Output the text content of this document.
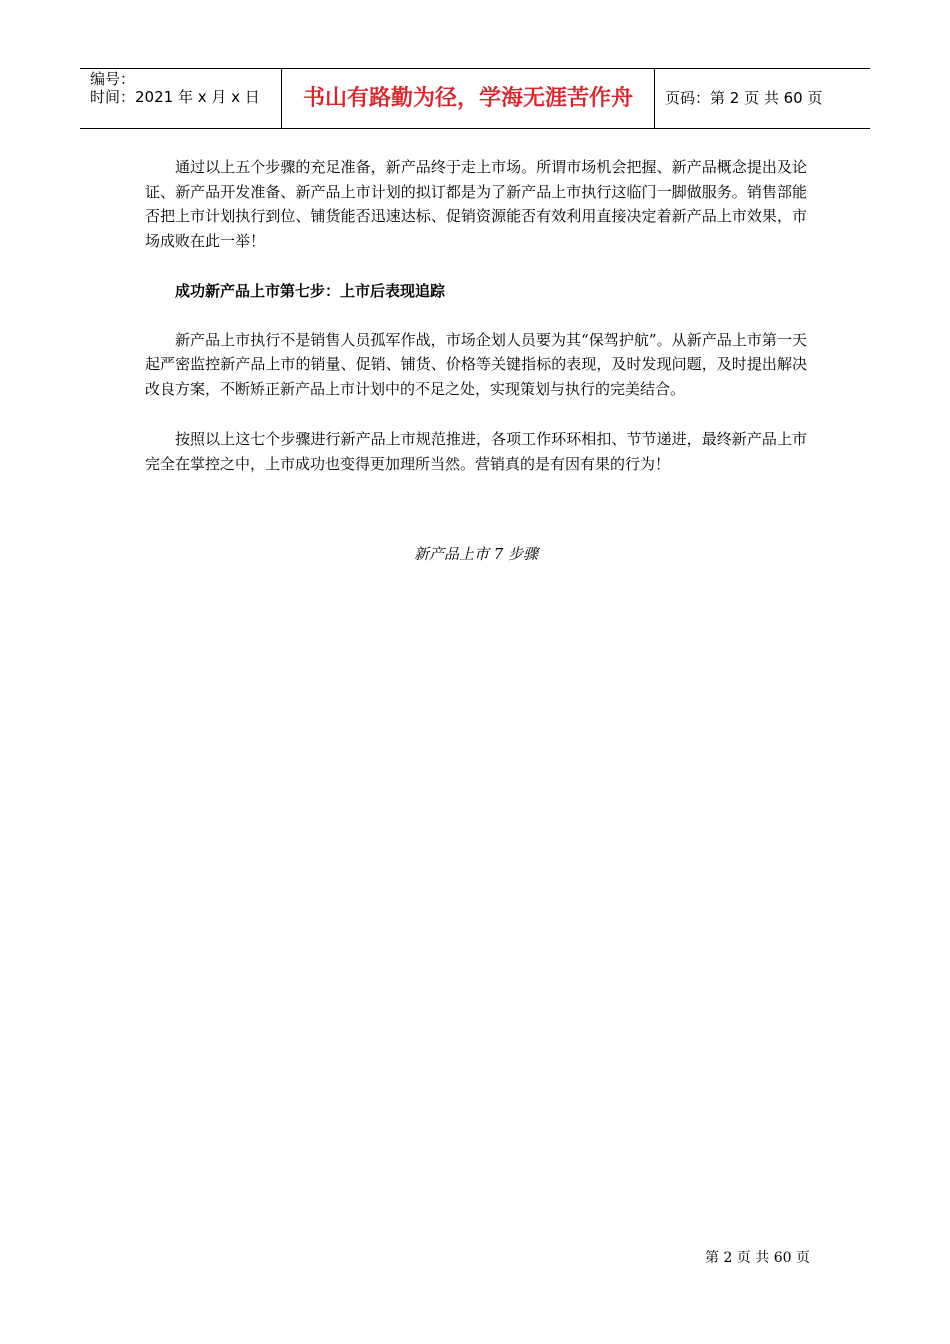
编号：
时间：2021 年 x 月 x 日	书山有路勤为径，学海无涯苦作舟	页码：第 2 页 共 60 页

通过以上五个步骤的充足准备，新产品终于走上市场。所谓市场机会把握、新产品概念提出及论证、新产品开发准备、新产品上市计划的拟订都是为了新产品上市执行这临门一脚做服务。销售部能否把上市计划执行到位、铺货能否迅速达标、促销资源能否有效利用直接决定着新产品上市效果，市场成败在此一举！

成功新产品上市第七步：上市后表现追踪

新产品上市执行不是销售人员孤军作战，市场企划人员要为其“保驾护航”。从新产品上市第一天起严密监控新产品上市的销量、促销、铺货、价格等关键指标的表现，及时发现问题，及时提出解决改良方案，不断矫正新产品上市计划中的不足之处，实现策划与执行的完美结合。

按照以上这七个步骤进行新产品上市规范推进，各项工作环环相扣、节节递进，最终新产品上市完全在掌控之中，上市成功也变得更加理所当然。营销真的是有因有果的行为！

新产品上市 7 步骤
第 2 页 共 60 页
